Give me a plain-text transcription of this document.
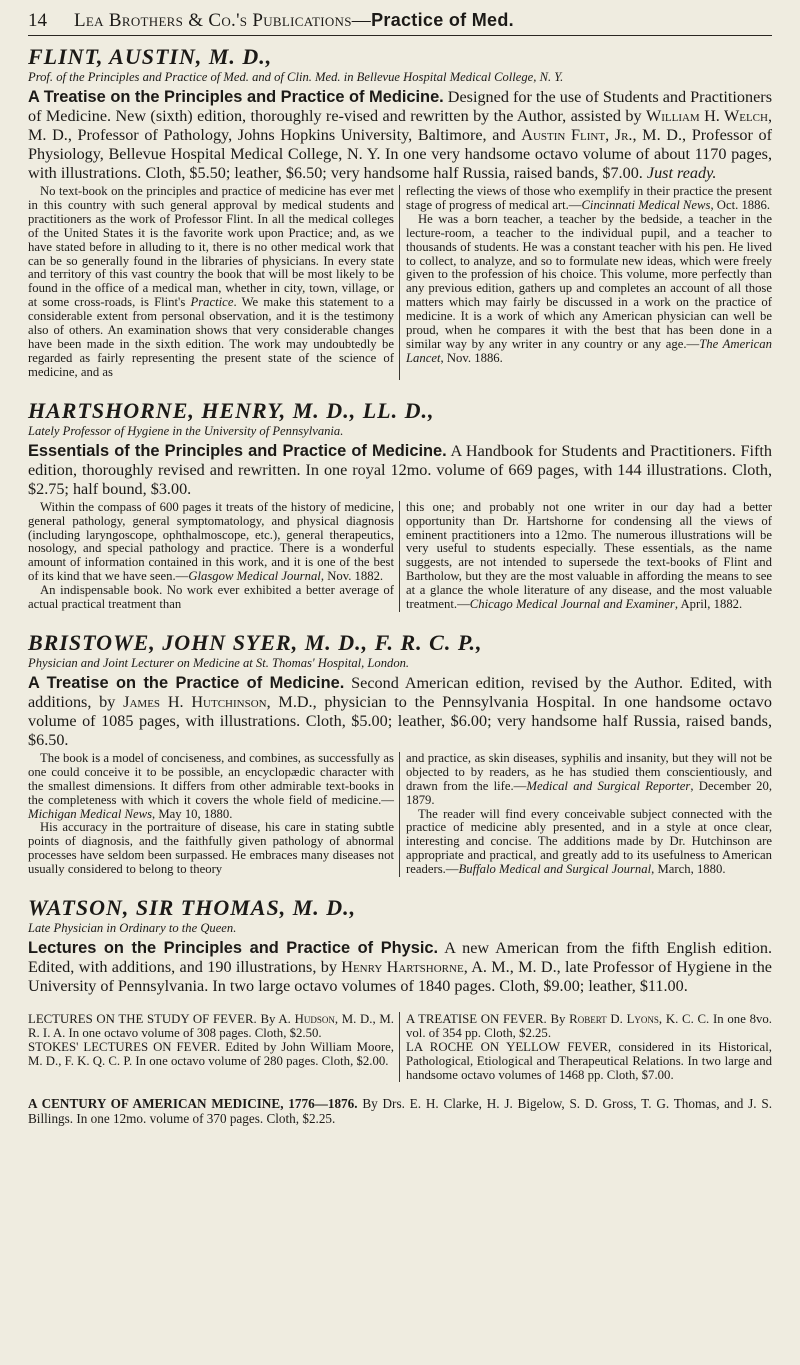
14	Lea Brothers & Co.'s Publications—Practice of Med.

FLINT, AUSTIN, M. D.,

Prof. of the Principles and Practice of Med. and of Clin. Med. in Bellevue Hospital Medical College, N. Y.

A Treatise on the Principles and Practice of Medicine. Designed for the use of Students and Practitioners of Medicine. New (sixth) edition, thoroughly re-vised and rewritten by the Author, assisted by William H. Welch, M. D., Professor of Pathology, Johns Hopkins University, Baltimore, and Austin Flint, Jr., M. D., Professor of Physiology, Bellevue Hospital Medical College, N. Y. In one very handsome octavo volume of about 1170 pages, with illustrations. Cloth, $5.50; leather, $6.50; very handsome half Russia, raised bands, $7.00. Just ready.

No text-book on the principles and practice of medicine has ever met in this country with such general approval by medical students and practitioners as the work of Professor Flint. In all the medical colleges of the United States it is the favorite work upon Practice; and, as we have stated before in alluding to it, there is no other medical work that can be so generally found in the libraries of physicians. In every state and territory of this vast country the book that will be most likely to be found in the office of a medical man, whether in city, town, village, or at some cross-roads, is Flint's Practice. We make this statement to a considerable extent from personal observation, and it is the testimony also of others. An examination shows that very considerable changes have been made in the sixth edition. The work may undoubtedly be regarded as fairly representing the present state of the science of medicine, and as

reflecting the views of those who exemplify in their practice the present stage of progress of medical art.—Cincinnati Medical News, Oct. 1886.

He was a born teacher, a teacher by the bedside, a teacher in the lecture-room, a teacher to the individual pupil, and a teacher to thousands of students. He was a constant teacher with his pen. He lived to collect, to analyze, and so to formulate new ideas, which were freely given to the profession of his choice. This volume, more perfectly than any previous edition, gathers up and completes an account of all those matters which may fairly be discussed in a work on the practice of medicine. It is a work of which any American physician can well be proud, when he compares it with the best that has been done in a similar way by any writer in any country or any age.—The American Lancet, Nov. 1886.

HARTSHORNE, HENRY, M. D., LL. D.,

Lately Professor of Hygiene in the University of Pennsylvania.

Essentials of the Principles and Practice of Medicine. A Handbook for Students and Practitioners. Fifth edition, thoroughly revised and rewritten. In one royal 12mo. volume of 669 pages, with 144 illustrations. Cloth, $2.75; half bound, $3.00.

Within the compass of 600 pages it treats of the history of medicine, general pathology, general symptomatology, and physical diagnosis (including laryngoscope, ophthalmoscope, etc.), general therapeutics, nosology, and special pathology and practice. There is a wonderful amount of information contained in this work, and it is one of the best of its kind that we have seen.—Glasgow Medical Journal, Nov. 1882.

An indispensable book. No work ever exhibited a better average of actual practical treatment than

this one; and probably not one writer in our day had a better opportunity than Dr. Hartshorne for condensing all the views of eminent practitioners into a 12mo. The numerous illustrations will be very useful to students especially. These essentials, as the name suggests, are not intended to supersede the text-books of Flint and Bartholow, but they are the most valuable in affording the means to see at a glance the whole literature of any disease, and the most valuable treatment.—Chicago Medical Journal and Examiner, April, 1882.

BRISTOWE, JOHN SYER, M. D., F. R. C. P.,

Physician and Joint Lecturer on Medicine at St. Thomas' Hospital, London.

A Treatise on the Practice of Medicine. Second American edition, revised by the Author. Edited, with additions, by James H. Hutchinson, M.D., physician to the Pennsylvania Hospital. In one handsome octavo volume of 1085 pages, with illustrations. Cloth, $5.00; leather, $6.00; very handsome half Russia, raised bands, $6.50.

The book is a model of conciseness, and combines, as successfully as one could conceive it to be possible, an encyclopædic character with the smallest dimensions. It differs from other admirable text-books in the completeness with which it covers the whole field of medicine.—Michigan Medical News, May 10, 1880.

His accuracy in the portraiture of disease, his care in stating subtle points of diagnosis, and the faithfully given pathology of abnormal processes have seldom been surpassed. He embraces many diseases not usually considered to belong to theory

and practice, as skin diseases, syphilis and insanity, but they will not be objected to by readers, as he has studied them conscientiously, and drawn from the life.—Medical and Surgical Reporter, December 20, 1879.

The reader will find every conceivable subject connected with the practice of medicine ably presented, and in a style at once clear, interesting and concise. The additions made by Dr. Hutchinson are appropriate and practical, and greatly add to its usefulness to American readers.—Buffalo Medical and Surgical Journal, March, 1880.

WATSON, SIR THOMAS, M. D.,

Late Physician in Ordinary to the Queen.

Lectures on the Principles and Practice of Physic. A new American from the fifth English edition. Edited, with additions, and 190 illustrations, by Henry Hartshorne, A. M., M. D., late Professor of Hygiene in the University of Pennsylvania. In two large octavo volumes of 1840 pages. Cloth, $9.00; leather, $11.00.

LECTURES ON THE STUDY OF FEVER. By A. Hudson, M. D., M. R. I. A. In one octavo volume of 308 pages. Cloth, $2.50.

STOKES' LECTURES ON FEVER. Edited by John William Moore, M. D., F. K. Q. C. P. In one octavo volume of 280 pages. Cloth, $2.00.

A TREATISE ON FEVER. By Robert D. Lyons, K. C. C. In one 8vo. vol. of 354 pp. Cloth, $2.25.

LA ROCHE ON YELLOW FEVER, considered in its Historical, Pathological, Etiological and Therapeutical Relations. In two large and handsome octavo volumes of 1468 pp. Cloth, $7.00.

A CENTURY OF AMERICAN MEDICINE, 1776—1876. By Drs. E. H. Clarke, H. J. Bigelow, S. D. Gross, T. G. Thomas, and J. S. Billings. In one 12mo. volume of 370 pages. Cloth, $2.25.
